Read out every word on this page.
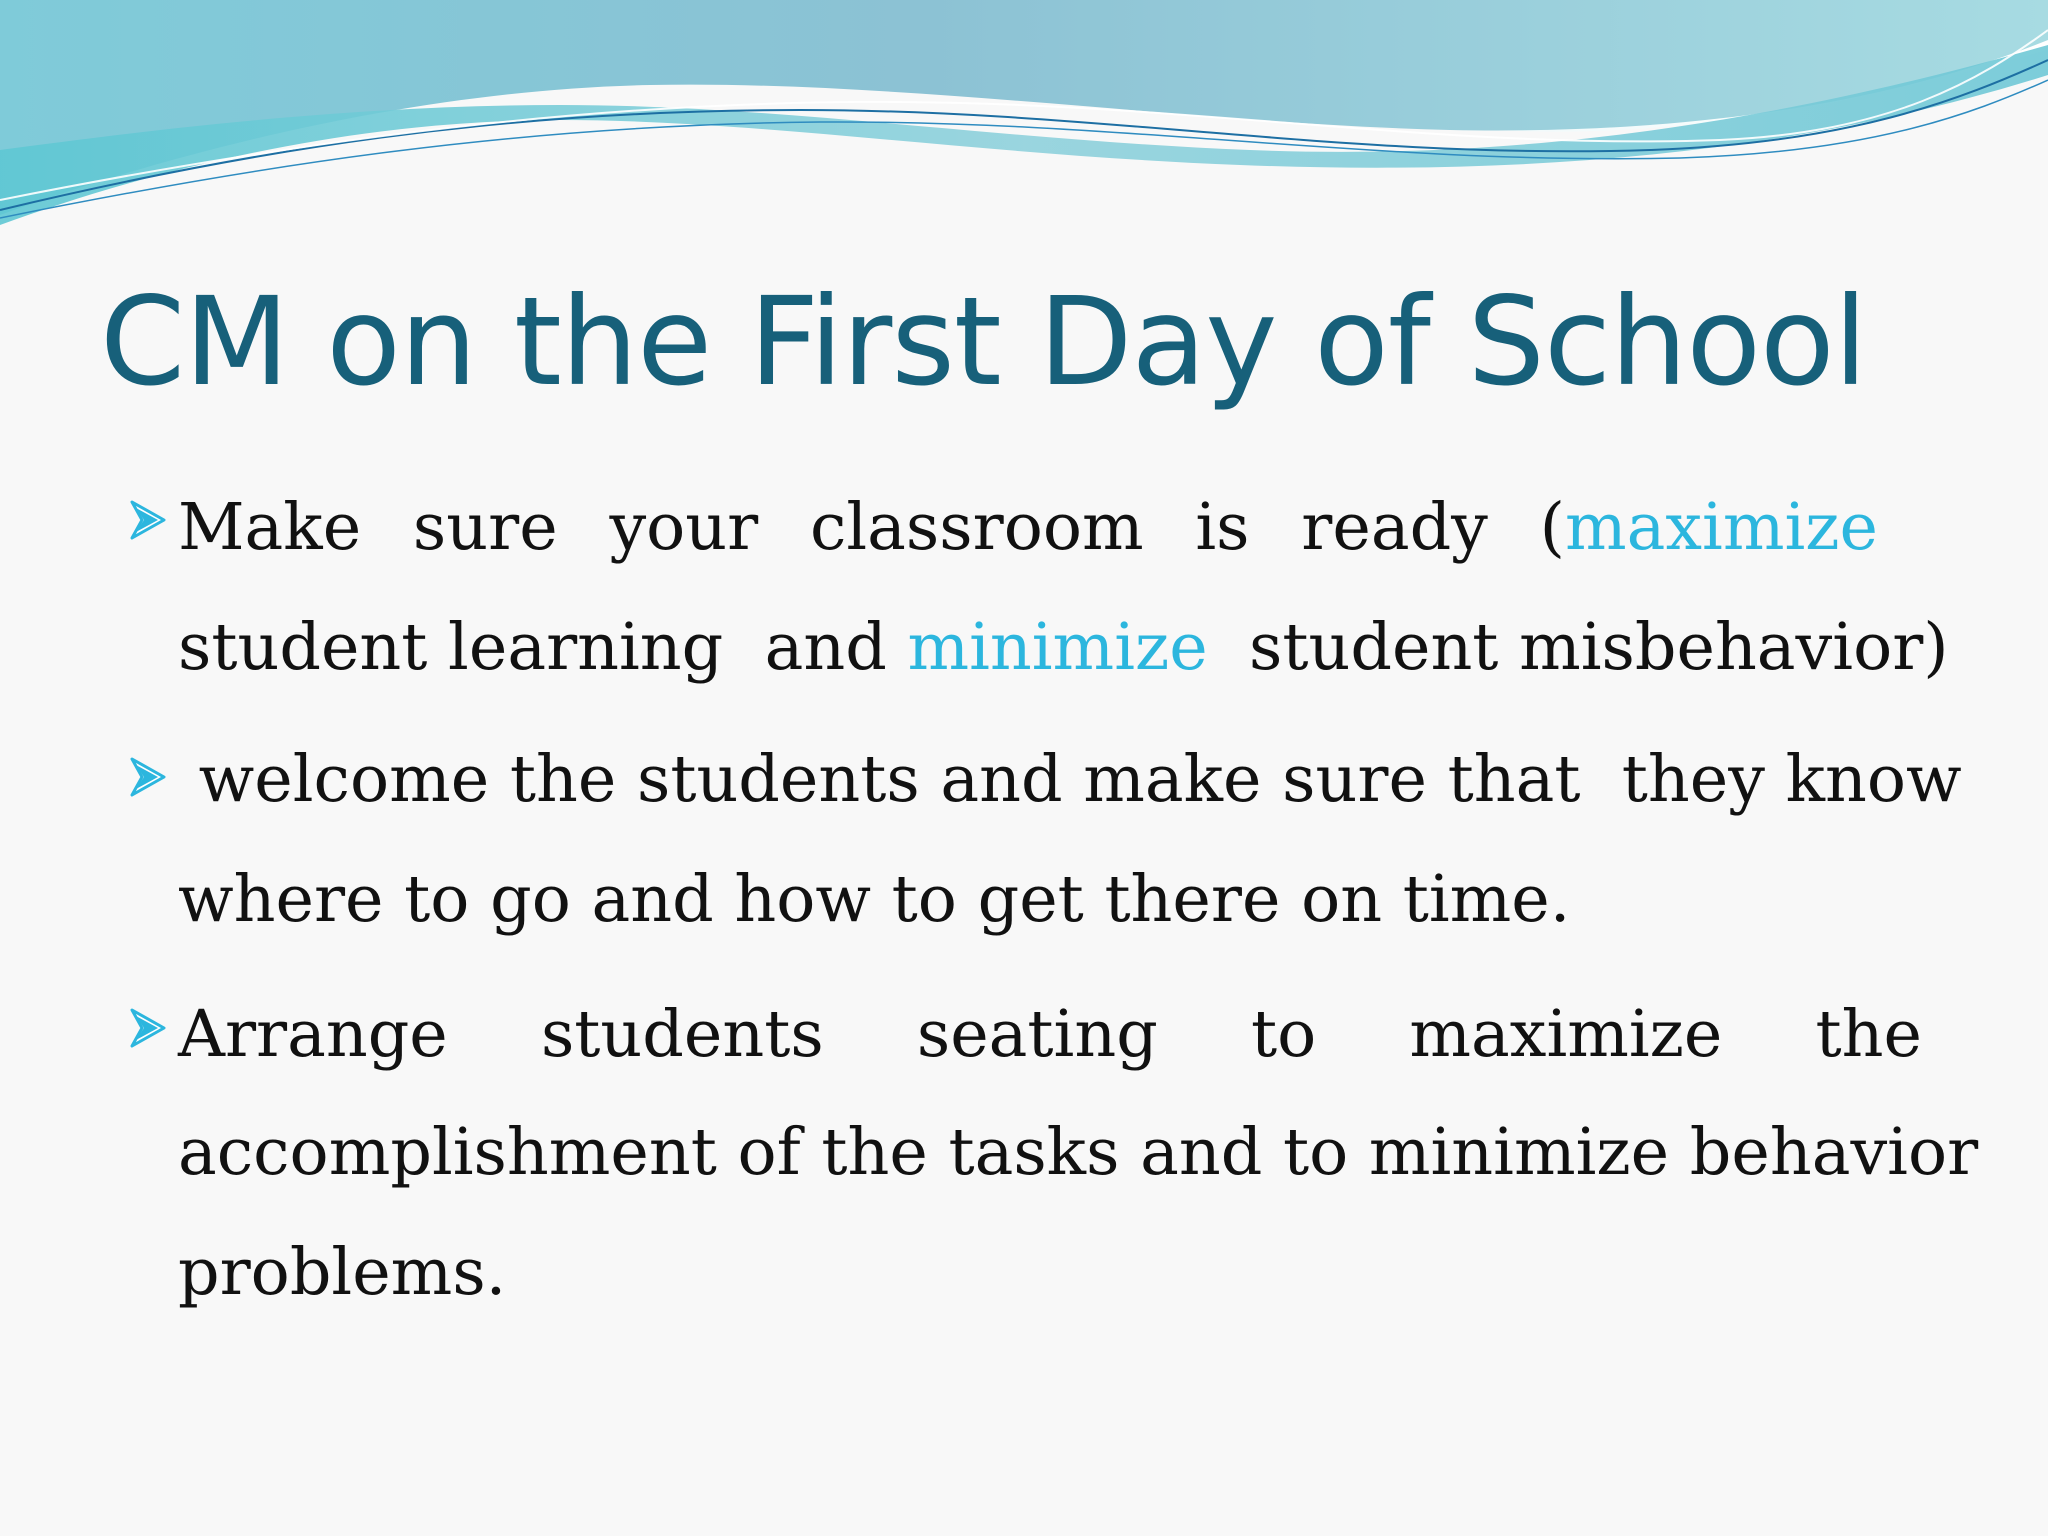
CM on the First Day of School
Make sure your classroom is ready (maximize
student learning  and minimize  student misbehavior)
welcome the students and make sure that  they know
where to go and how to get there on time.
Arrange students seating to maximize the
accomplishment of the tasks and to minimize behavior
problems.
